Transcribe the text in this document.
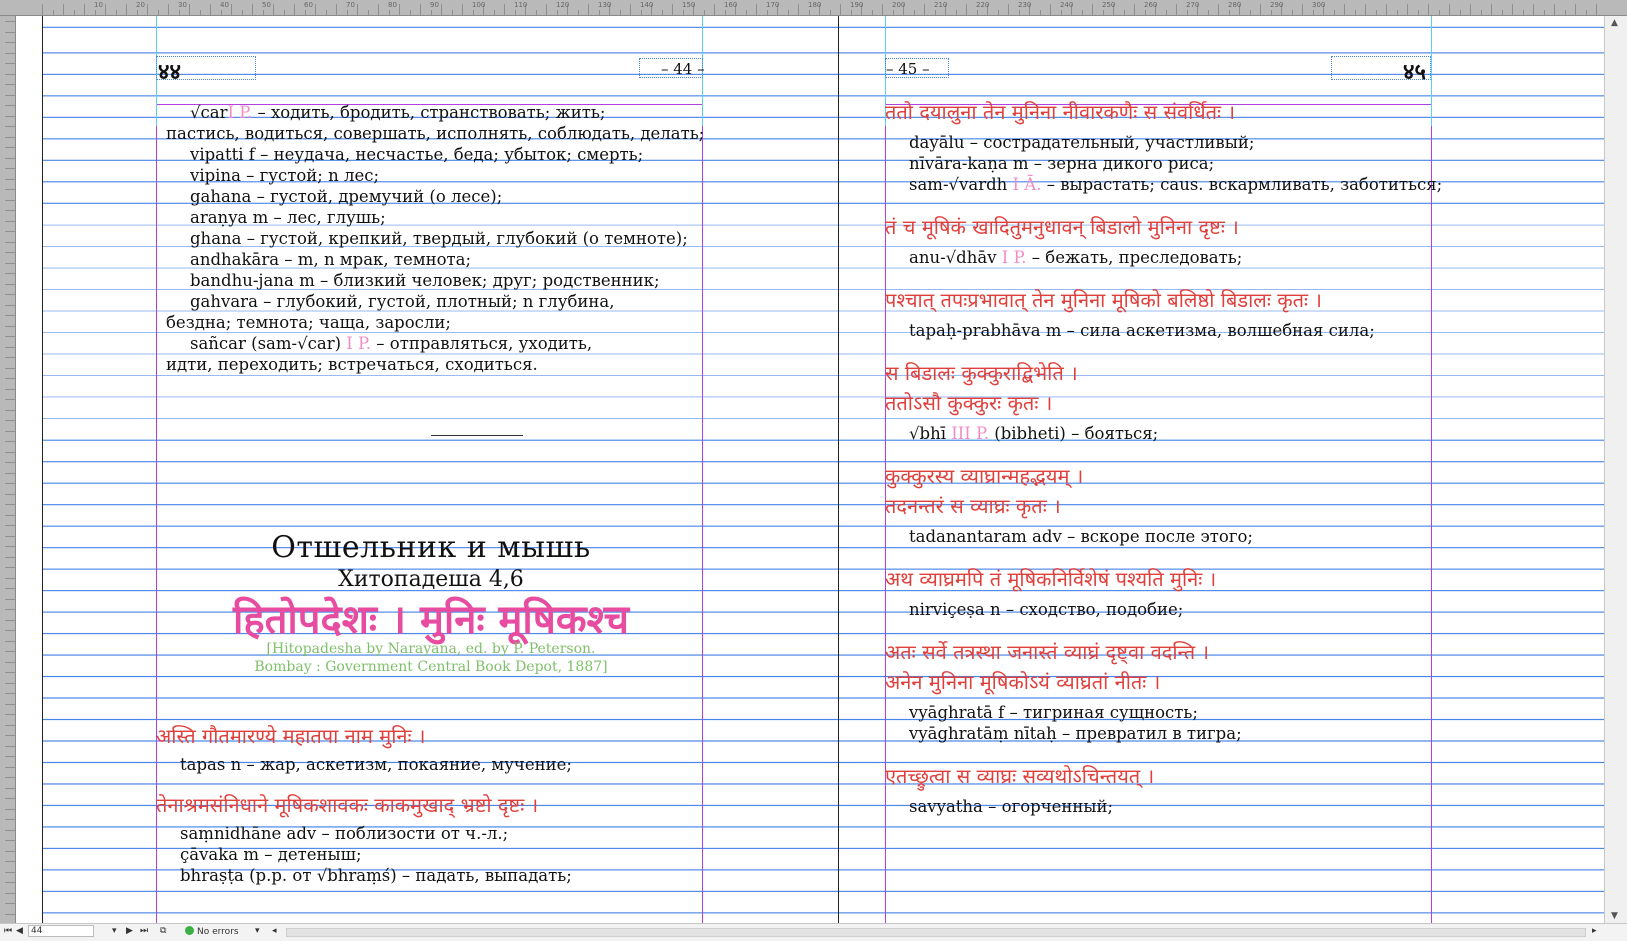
10	20	30	40	50	60	70	80	90	100	110	120	130	140	150	160	170	180	190	200	210	220	230	240	250	260	270	280	290	300
४४	– 44 –	– 45 –	४५
√carI P. – ходить, бродить, странствовать; жить;
пастись, водиться, совершать, исполнять, соблюдать, делать;
vipatti f – неудача, несчастье, беда; убыток; смерть;
vipina – густой; n лес;
gahana – густой, дремучий (о лесе);
araṇya m – лес, глушь;
ghana – густой, крепкий, твердый, глубокий (о темноте);
andhakāra – m, n мрак, темнота;
bandhu-jana m – близкий человек; друг; родственник;
gahvara – глубокий, густой, плотный; n глубина,
бездна; темнота; чаща, заросли;
sañcar (sam-√car) I P. – отправляться, уходить,
идти, переходить; встречаться, сходиться.
Отшельник и мышь
Хитопадеша 4,6
हितोपदेशः । मुनिः मूषिकश्च
[Hitopadesha by Narayana, ed. by P. Peterson.
Bombay : Government Central Book Depot, 1887]
अस्ति गौतमारण्ये महातपा नाम मुनिः ।
tapas n – жар, аскетизм, покаяние, мучение;
तेनाश्रमसंनिधाने मूषिकशावकः काकमुखाद् भ्रष्टो दृष्टः ।
saṃnidhāne adv – поблизости от ч.-л.;
çāvaka m – детеныш;
bhraṣṭa (p.p. от √bhraṃś) – падать, выпадать;
ततो दयालुना तेन मुनिना नीवारकणैः स संवर्धितः ।
dayālu – сострадательный, участливый;
nīvāra-kaṇa m – зерна дикого риса;
sam-√vardh I Ā. – вырастать; caus. вскармливать, заботиться;
तं च मूषिकं खादितुमनुधावन् बिडालो मुनिना दृष्टः ।
anu-√dhāv I P. – бежать, преследовать;
पश्चात् तपःप्रभावात् तेन मुनिना मूषिको बलिष्ठो बिडालः कृतः ।
tapaḥ-prabhāva m – сила аскетизма, волшебная сила;
स बिडालः कुक्कुराद्बिभेति ।
ततोऽसौ कुक्कुरः कृतः ।
√bhī III P. (bibheti) – бояться;
कुक्कुरस्य व्याघ्रान्महद्भयम् ।
तदनन्तरं स व्याघ्रः कृतः ।
tadanantaram adv – вскоре после этого;
अथ व्याघ्रमपि तं मूषिकनिर्विशेषं पश्यति मुनिः ।
nirviçeṣa n – сходство, подобие;
अतः सर्वे तत्रस्था जनास्तं व्याघ्रं दृष्ट्वा वदन्ति ।
अनेन मुनिना मूषिकोऽयं व्याघ्रतां नीतः ।
vyāghratā f – тигриная сущность;
vyāghratāṃ nītaḥ – превратил в тигра;
एतच्छ्रुत्वा स व्याघ्रः सव्यथोऽचिन्तयत् ।
savyatha – огорченный;
▲
▼
⏮ ◀ 44	▾ ▶ ⏭ ⧉	No errors ▾ ◂	▸
